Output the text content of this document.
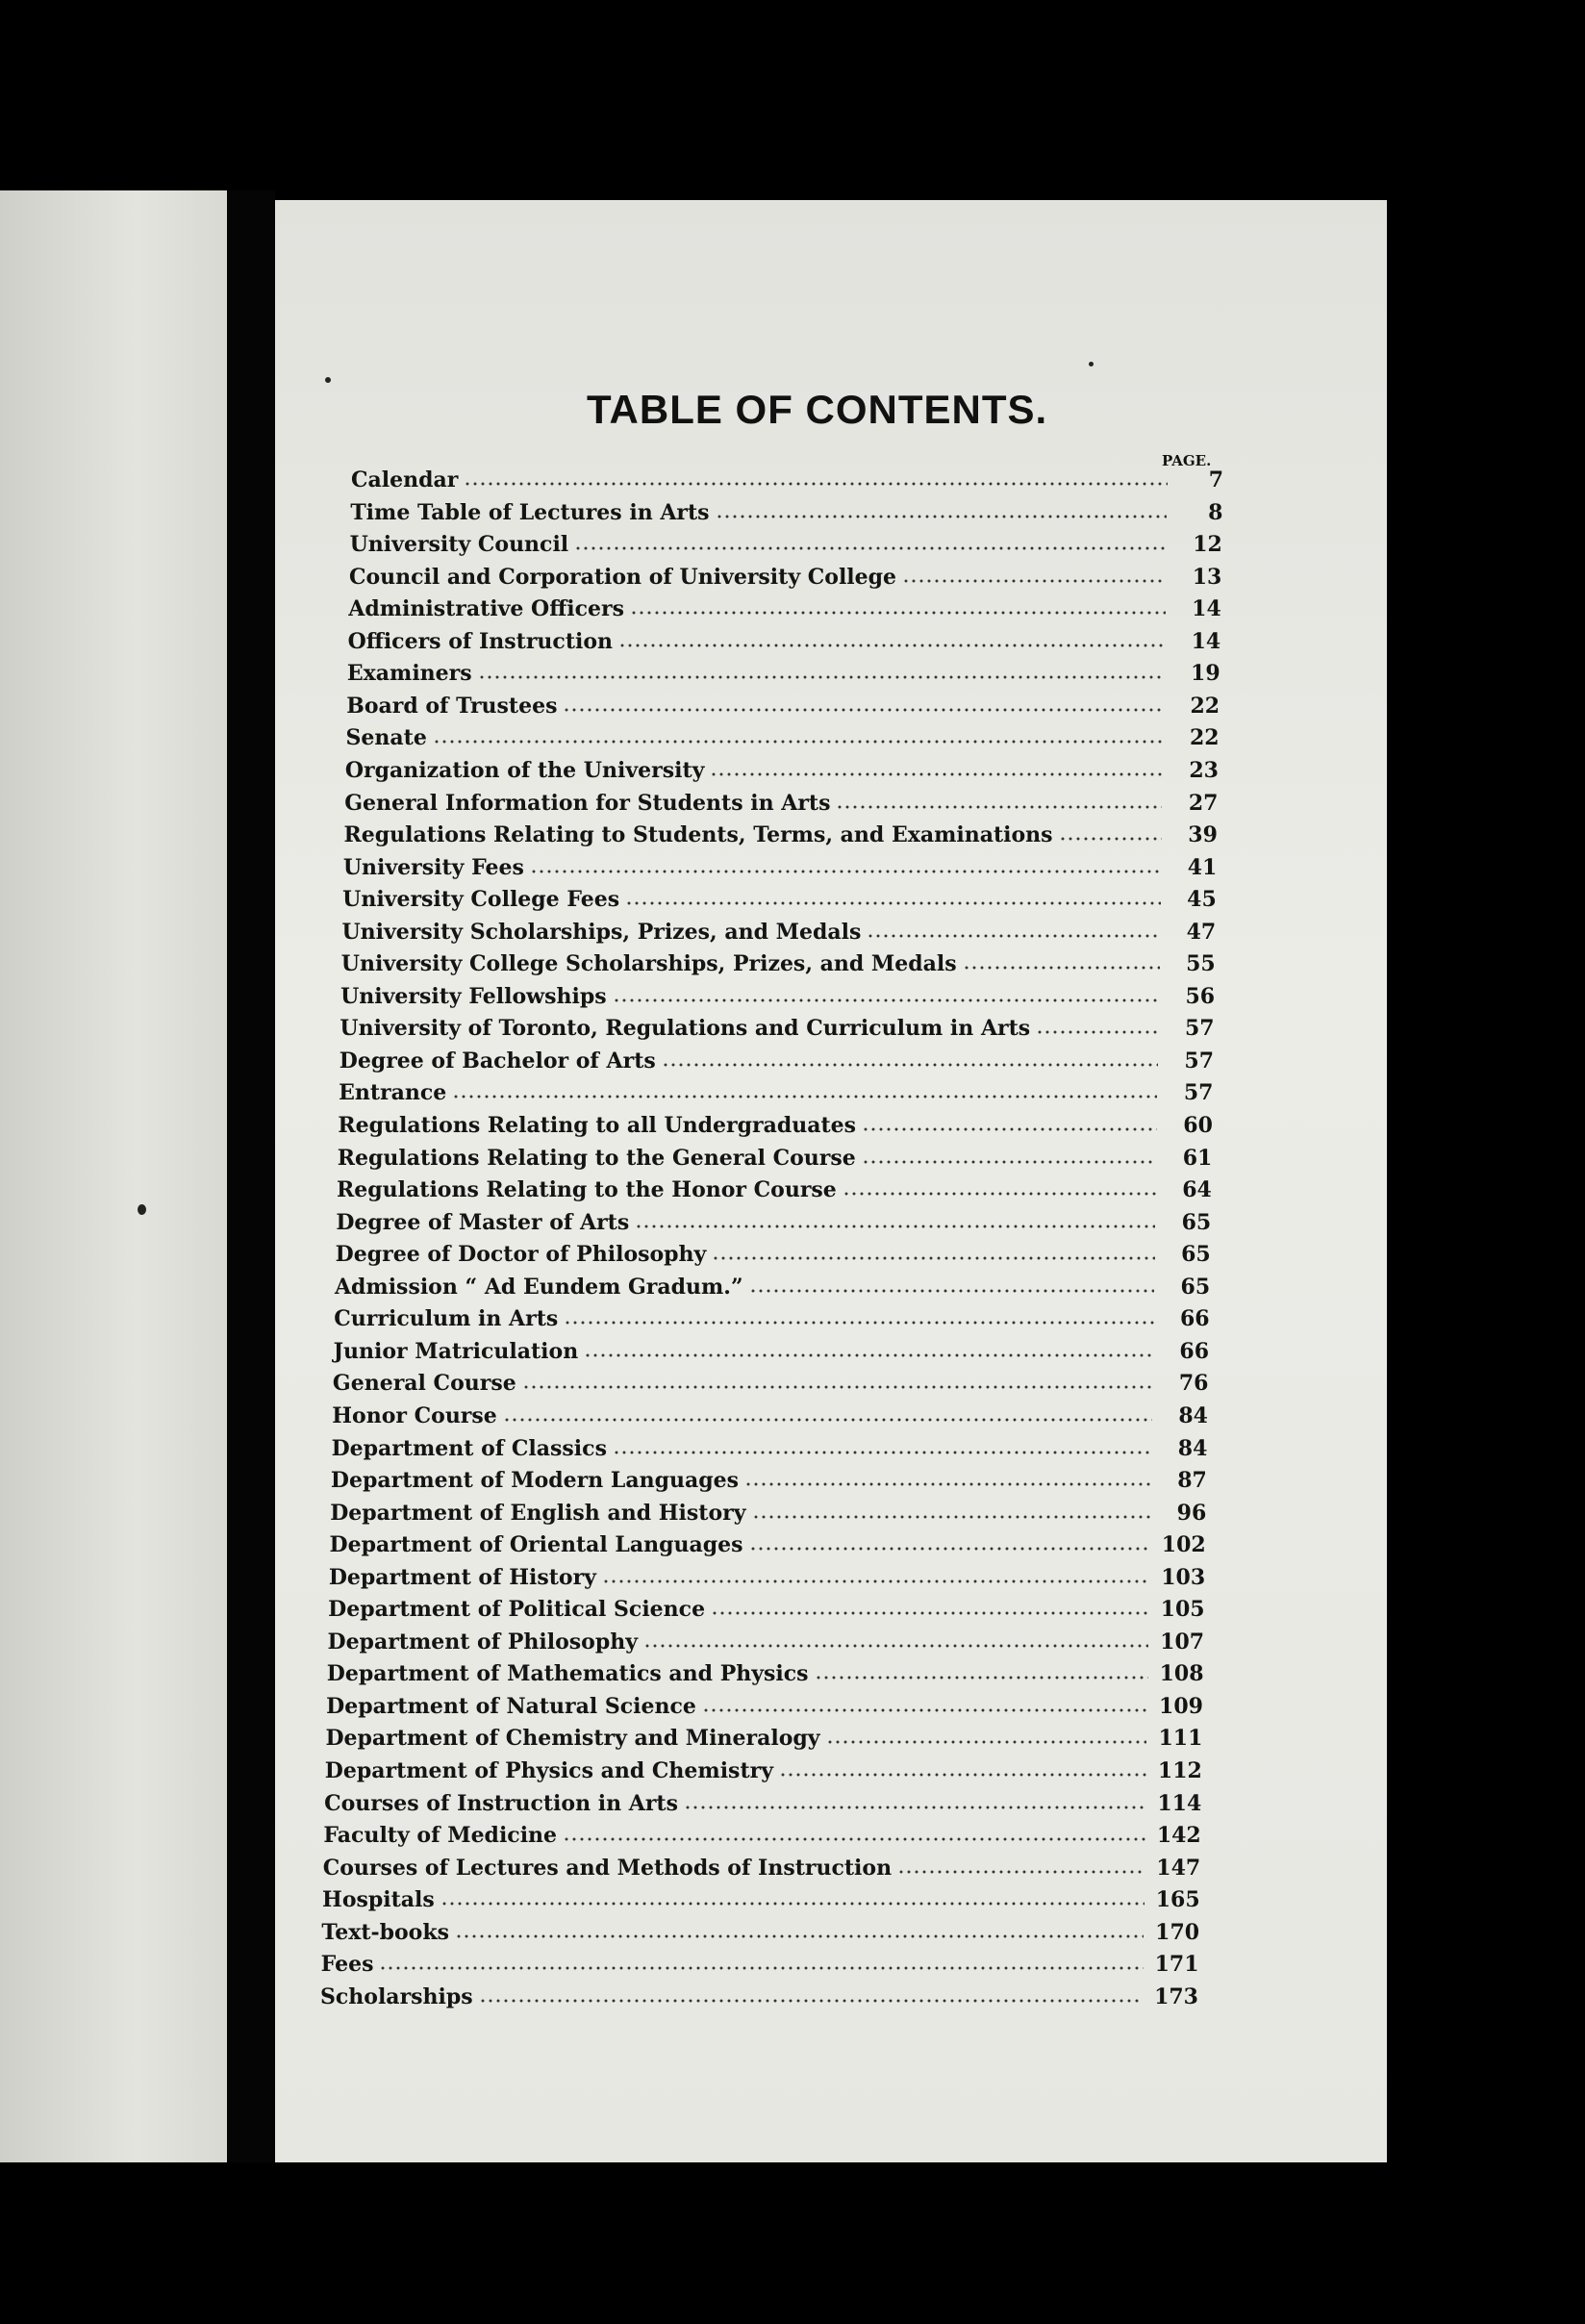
TABLE OF CONTENTS.
PAGE.
Calendar	7
Time Table of Lectures in Arts	8
University Council	12
Council and Corporation of University College	13
Administrative Officers	14
Officers of Instruction	14
Examiners	19
Board of Trustees	22
Senate	22
Organization of the University	23
General Information for Students in Arts	27
Regulations Relating to Students, Terms, and Examinations	39
University Fees	41
University College Fees	45
University Scholarships, Prizes, and Medals	47
University College Scholarships, Prizes, and Medals	55
University Fellowships	56
University of Toronto, Regulations and Curriculum in Arts	57
Degree of Bachelor of Arts	57
Entrance	57
Regulations Relating to all Undergraduates	60
Regulations Relating to the General Course	61
Regulations Relating to the Honor Course	64
Degree of Master of Arts	65
Degree of Doctor of Philosophy	65
Admission “ Ad Eundem Gradum.”	65
Curriculum in Arts	66
Junior Matriculation	66
General Course	76
Honor Course	84
Department of Classics	84
Department of Modern Languages	87
Department of English and History	96
Department of Oriental Languages	102
Department of History	103
Department of Political Science	105
Department of Philosophy	107
Department of Mathematics and Physics	108
Department of Natural Science	109
Department of Chemistry and Mineralogy	111
Department of Physics and Chemistry	112
Courses of Instruction in Arts	114
Faculty of Medicine	142
Courses of Lectures and Methods of Instruction	147
Hospitals	165
Text-books	170
Fees	171
Scholarships	173
